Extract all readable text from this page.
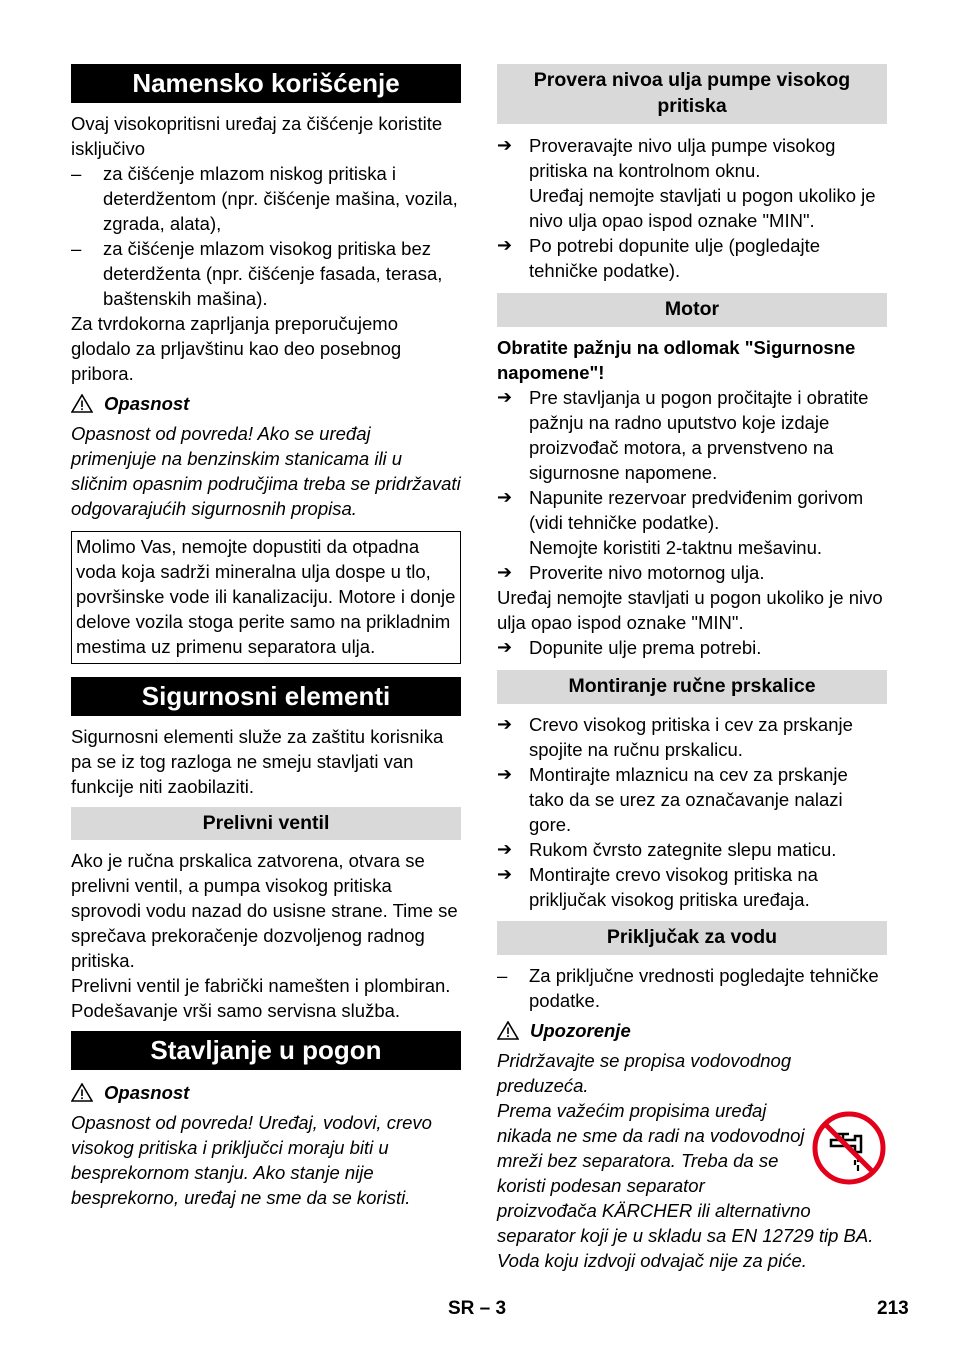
Namensko korišćenje

Ovaj visokopritisni uređaj za čišćenje koristite isključivo

– za čišćenje mlazom niskog pritiska i deterdžentom (npr. čišćenje mašina, vozila, zgrada, alata),
– za čišćenje mlazom visokog pritiska bez deterdženta (npr. čišćenje fasada, terasa, baštenskih mašina).

Za tvrdokorna zaprljanja preporučujemo glodalo za prljavštinu kao deo posebnog pribora.

Opasnost

Opasnost od povreda! Ako se uređaj primenjuje na benzinskim stanicama ili u sličnim opasnim područjima treba se pridržavati odgovarajućih sigurnosnih propisa.

Molimo Vas, nemojte dopustiti da otpadna voda koja sadrži mineralna ulja dospe u tlo, površinske vode ili kanalizaciju. Motore i donje delove vozila stoga perite samo na prikladnim mestima uz primenu separatora ulja.
Sigurnosni elementi

Sigurnosni elementi služe za zaštitu korisnika pa se iz tog razloga ne smeju stavljati van funkcije niti zaobilaziti.

Prelivni ventil

Ako je ručna prskalica zatvorena, otvara se prelivni ventil, a pumpa visokog pritiska sprovodi vodu nazad do usisne strane. Time se sprečava prekoračenje dozvoljenog radnog pritiska.

Prelivni ventil je fabrički namešten i plombiran. Podešavanje vrši samo servisna služba.

Stavljanje u pogon
Opasnost

Opasnost od povreda! Uređaj, vodovi, crevo visokog pritiska i priključci moraju biti u besprekornom stanju. Ako stanje nije besprekorno, uređaj ne sme da se koristi.

Provera nivoa ulja pumpe visokog pritiska
➔ Proveravajte nivo ulja pumpe visokog pritiska na kontrolnom oknu.
Uređaj nemojte stavljati u pogon ukoliko je nivo ulja opao ispod oznake "MIN".
➔ Po potrebi dopunite ulje (pogledajte tehničke podatke).
Motor
Obratite pažnju na odlomak "Sigurnosne napomene"!
➔ Pre stavljanja u pogon pročitajte i obratite pažnju na radno uputstvo koje izdaje proizvođač motora, a prvenstveno na sigurnosne napomene.
➔ Napunite rezervoar predviđenim gorivom (vidi tehničke podatke).
Nemojte koristiti 2-taktnu mešavinu.
➔ Proverite nivo motornog ulja.

Uređaj nemojte stavljati u pogon ukoliko je nivo ulja opao ispod oznake "MIN".

➔ Dopunite ulje prema potrebi.
Montiranje ručne prskalice
➔ Crevo visokog pritiska i cev za prskanje spojite na ručnu prskalicu.
➔ Montirajte mlaznicu na cev za prskanje tako da se urez za označavanje nalazi gore.
➔ Rukom čvrsto zategnite slepu maticu.
➔ Montirajte crevo visokog pritiska na priključak visokog pritiska uređaja.
Priključak za vodu
– Za priključne vrednosti pogledajte tehničke podatke.
Upozorenje

Pridržavajte se propisa vodovodnog preduzeća.

Prema važećim propisima uređaj nikada ne sme da radi na vodovodnoj mreži bez separatora. Treba da se koristi podesan separator proizvođača KÄRCHER ili alternativno separator koji je u skladu sa EN 12729 tip BA. Voda koju izdvoji odvajač nije za piće.
SR – 3	213
